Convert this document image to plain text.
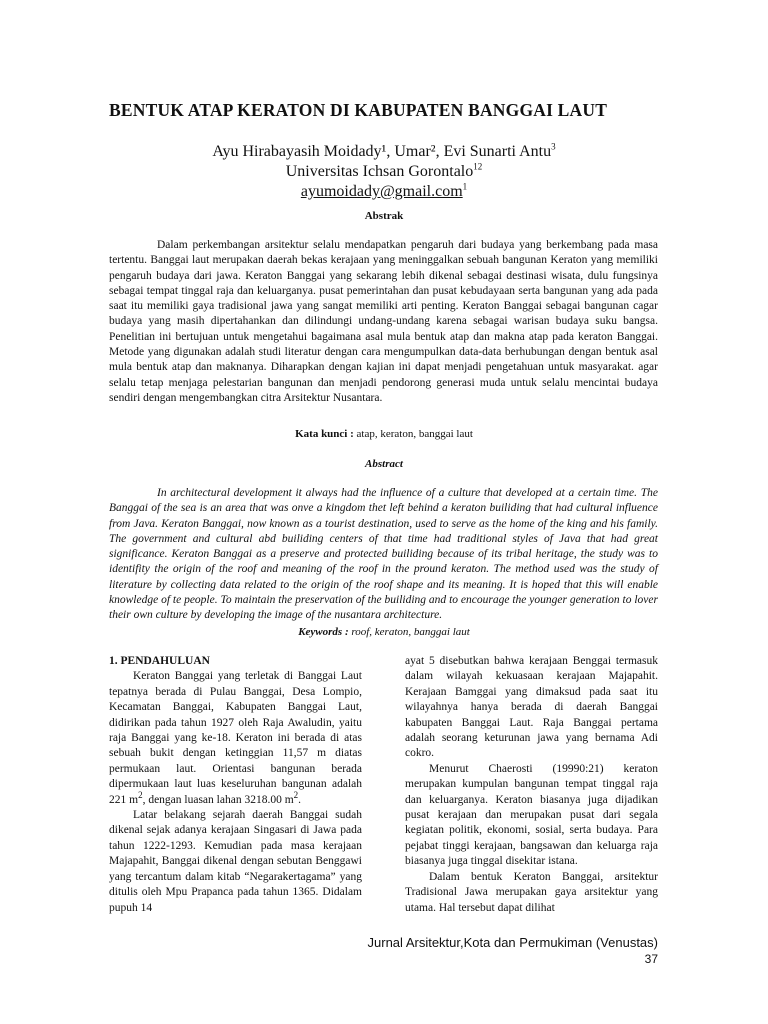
BENTUK ATAP KERATON DI KABUPATEN BANGGAI LAUT
Ayu Hirabayasih Moidady¹, Umar², Evi Sunarti Antu$^3$
Universitas Ichsan Gorontalo$^{12}$
ayumoidady@gmail.com$^1$
Abstrak
Dalam perkembangan arsitektur selalu mendapatkan pengaruh dari budaya yang berkembang pada masa tertentu. Banggai laut merupakan daerah bekas kerajaan yang meninggalkan sebuah bangunan Keraton yang memiliki pengaruh budaya dari jawa. Keraton Banggai yang sekarang lebih dikenal sebagai destinasi wisata, dulu fungsinya sebagai tempat tinggal raja dan keluarganya. pusat pemerintahan dan pusat kebudayaan serta bangunan yang ada pada saat itu memiliki gaya tradisional jawa yang sangat memiliki arti penting. Keraton Banggai sebagai bangunan cagar budaya yang masih dipertahankan dan dilindungi undang-undang karena sebagai warisan budaya suku bangsa. Penelitian ini bertujuan untuk mengetahui bagaimana asal mula bentuk atap dan makna atap pada keraton Banggai. Metode yang digunakan adalah studi literatur dengan cara mengumpulkan data-data berhubungan dengan bentuk asal mula bentuk atap dan maknanya. Diharapkan dengan kajian ini dapat menjadi pengetahuan untuk masyarakat. agar selalu tetap menjaga pelestarian bangunan dan menjadi pendorong generasi muda untuk selalu mencintai budaya sendiri dengan mengembangkan citra Arsitektur Nusantara.
Kata kunci : atap, keraton, banggai laut
Abstract
In architectural development it always had the influence of a culture that developed at a certain time. The Banggai of the sea is an area that was onve a kingdom thet left behind a keraton builiding that had cultural influence from Java. Keraton Banggai, now known as a tourist destination, used to serve as the home of the king and his family. The government and cultural abd builiding centers of that time had traditional styles of Java that had great significance. Keraton Banggai as a preserve and protected builiding because of its tribal heritage, the study was to identifity the origin of the roof and meaning of the roof in the pround keraton. The method used was the study of literature by collecting data related to the origin of the roof shape and its meaning. It is hoped that this will enable knowledge of te people. To maintain the preservation of the builiding and to encourage the younger generation to lover their own culture by developing the image of the nusantara architecture.
Keywords : roof, keraton, banggai laut
1. PENDAHULUAN

Keraton Banggai yang terletak di Banggai Laut tepatnya berada di Pulau Banggai, Desa Lompio, Kecamatan Banggai, Kabupaten Banggai Laut, didirikan pada tahun 1927 oleh Raja Awaludin, yaitu raja Banggai yang ke-18. Keraton ini berada di atas sebuah bukit dengan ketinggian 11,57 m diatas permukaan laut. Orientasi bangunan berada dipermukaan laut luas keseluruhan bangunan adalah 221 $m^2$, dengan luasan lahan 3218.00 $m^2$.

Latar belakang sejarah daerah Banggai sudah dikenal sejak adanya kerajaan Singasari di Jawa pada tahun 1222-1293. Kemudian pada masa kerajaan Majapahit, Banggai dikenal dengan sebutan Benggawi yang tercantum dalam kitab “Negarakertagama” yang ditulis oleh Mpu Prapanca pada tahun 1365. Didalam pupuh 14

ayat 5 disebutkan bahwa kerajaan Benggai termasuk dalam wilayah kekuasaan kerajaan Majapahit. Kerajaan Bamggai yang dimaksud pada saat itu wilayahnya hanya berada di daerah Banggai kabupaten Banggai Laut. Raja Banggai pertama adalah seorang keturunan jawa yang bernama Adi cokro.

Menurut Chaerosti (19990:21) keraton merupakan kumpulan bangunan tempat tinggal raja dan keluarganya. Keraton biasanya juga dijadikan pusat kerajaan dan merupakan pusat dari segala kegiatan politik, ekonomi, sosial, serta budaya. Para pejabat tinggi kerajaan, bangsawan dan keluarga raja biasanya juga tinggal disekitar istana.

Dalam bentuk Keraton Banggai, arsitektur Tradisional Jawa merupakan gaya arsitektur yang utama. Hal tersebut dapat dilihat

Jurnal Arsitektur,Kota dan Permukiman (Venustas)
37
